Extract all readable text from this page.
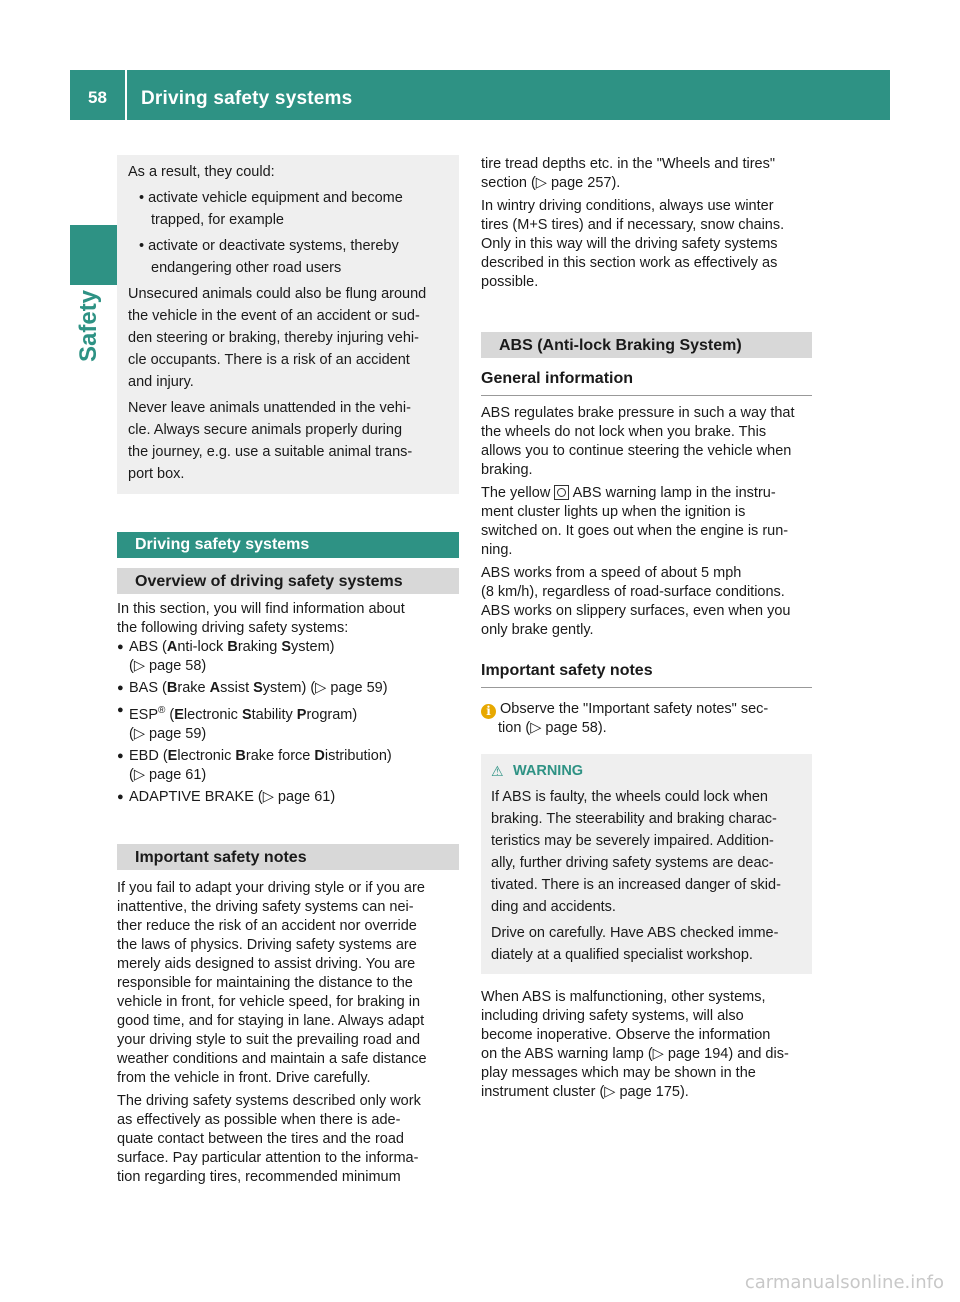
58	Driving safety systems
Safety

As a result, they could:

• activate vehicle equipment and become
trapped, for example

• activate or deactivate systems, thereby
endangering other road users

Unsecured animals could also be flung around
the vehicle in the event of an accident or sud-
den steering or braking, thereby injuring vehi-
cle occupants. There is a risk of an accident
and injury.

Never leave animals unattended in the vehi-
cle. Always secure animals properly during
the journey, e.g. use a suitable animal trans-
port box.

Driving safety systems
Overview of driving safety systems

In this section, you will find information about
the following driving safety systems:

● ABS (Anti-lock Braking System)
(▷ page 58)

● BAS (Brake Assist System) (▷ page 59)

● ESP® (Electronic Stability Program)
(▷ page 59)

● EBD (Electronic Brake force Distribution)
(▷ page 61)

● ADAPTIVE BRAKE (▷ page 61)

Important safety notes

If you fail to adapt your driving style or if you are
inattentive, the driving safety systems can nei-
ther reduce the risk of an accident nor override
the laws of physics. Driving safety systems are
merely aids designed to assist driving. You are
responsible for maintaining the distance to the
vehicle in front, for vehicle speed, for braking in
good time, and for staying in lane. Always adapt
your driving style to suit the prevailing road and
weather conditions and maintain a safe distance
from the vehicle in front. Drive carefully.

The driving safety systems described only work
as effectively as possible when there is ade-
quate contact between the tires and the road
surface. Pay particular attention to the informa-
tion regarding tires, recommended minimum

tire tread depths etc. in the "Wheels and tires"
section (▷ page 257).

In wintry driving conditions, always use winter
tires (M+S tires) and if necessary, snow chains.
Only in this way will the driving safety systems
described in this section work as effectively as
possible.

ABS (Anti-lock Braking System)

General information

ABS regulates brake pressure in such a way that
the wheels do not lock when you brake. This
allows you to continue steering the vehicle when
braking.

The yellow  ABS warning lamp in the instru-
ment cluster lights up when the ignition is
switched on. It goes out when the engine is run-
ning.

ABS works from a speed of about 5 mph
(8 km/h), regardless of road-surface conditions.
ABS works on slippery surfaces, even when you
only brake gently.

Important safety notes

i Observe the "Important safety notes" sec-
tion (▷ page 58).

⚠ WARNING

If ABS is faulty, the wheels could lock when
braking. The steerability and braking charac-
teristics may be severely impaired. Addition-
ally, further driving safety systems are deac-
tivated. There is an increased danger of skid-
ding and accidents.

Drive on carefully. Have ABS checked imme-
diately at a qualified specialist workshop.

When ABS is malfunctioning, other systems,
including driving safety systems, will also
become inoperative. Observe the information
on the ABS warning lamp (▷ page 194) and dis-
play messages which may be shown in the
instrument cluster (▷ page 175).

carmanualsonline.info
